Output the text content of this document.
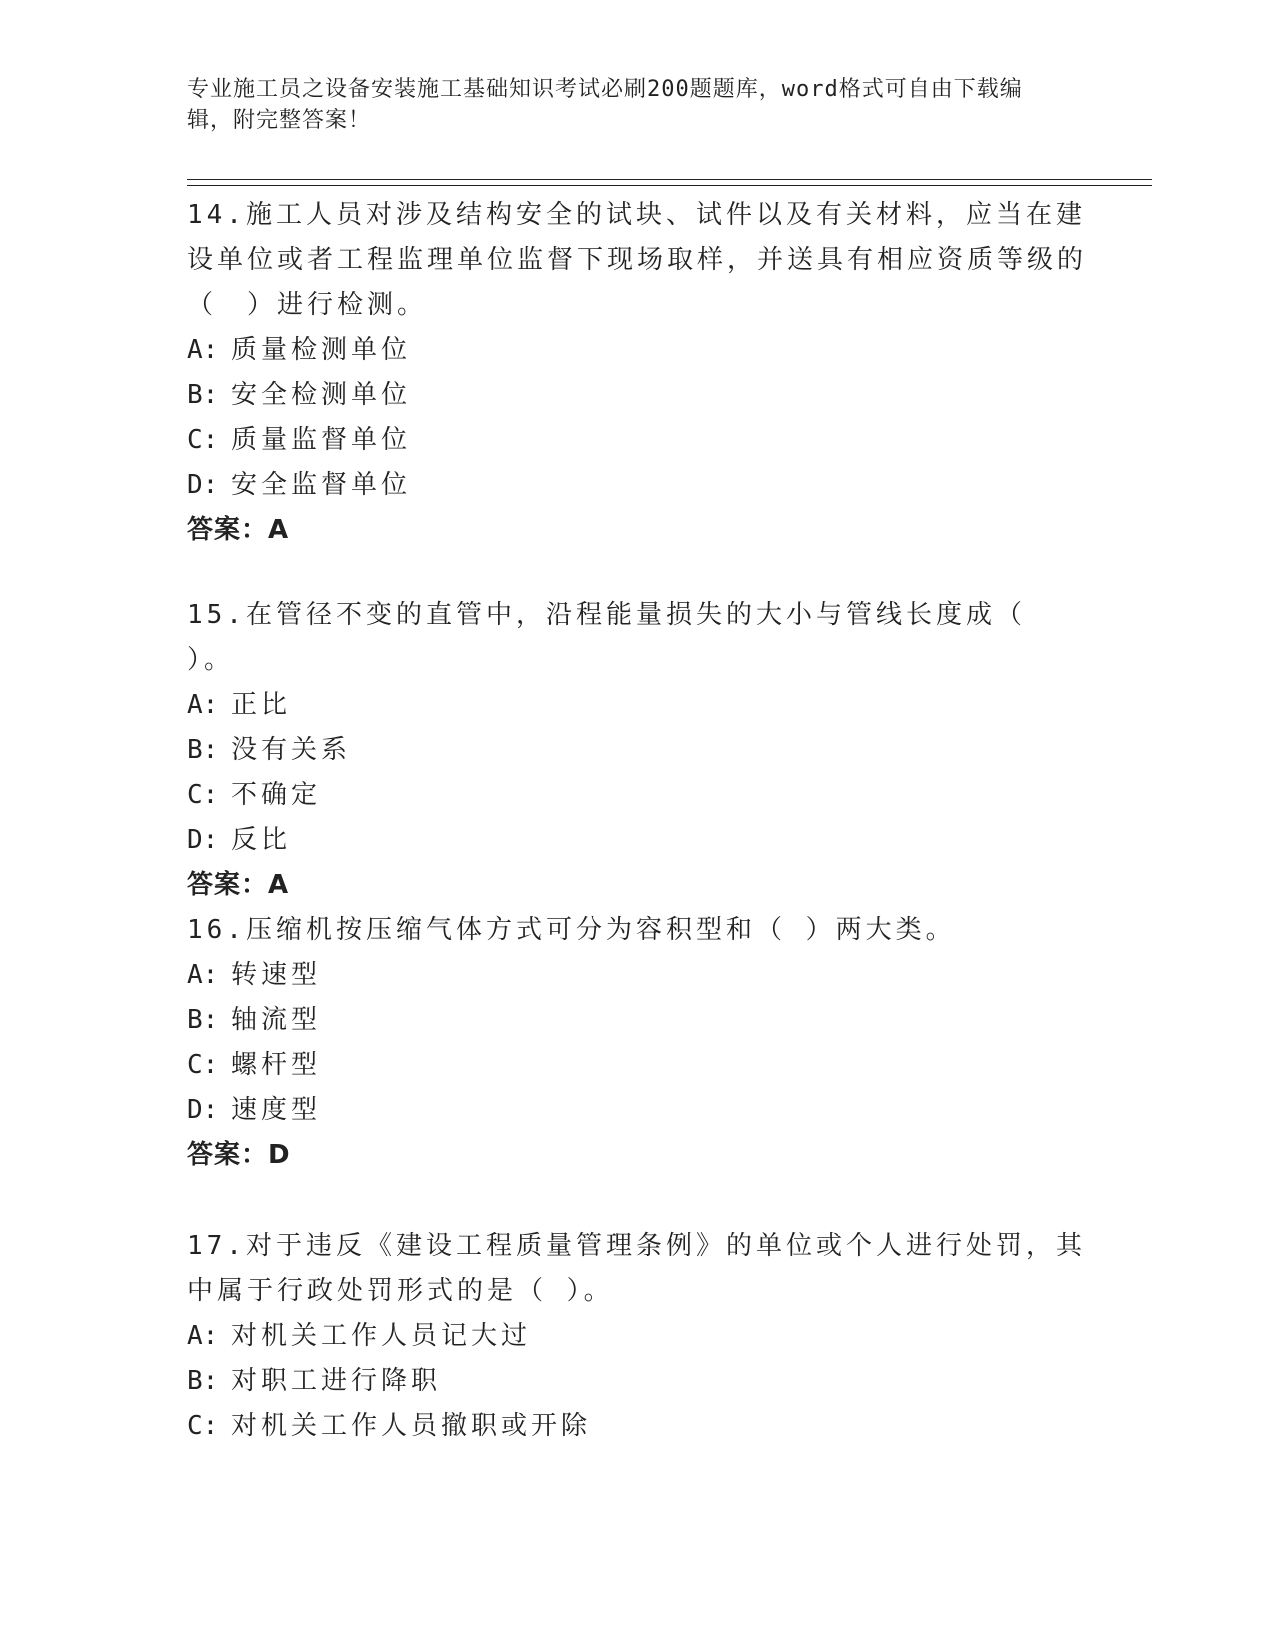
专业施工员之设备安装施工基础知识考试必刷200题题库，word格式可自由下载编辑，附完整答案！

14.施工人员对涉及结构安全的试块、试件以及有关材料，应当在建设单位或者工程监理单位监督下现场取样，并送具有相应资质等级的（　）进行检测。

A: 质量检测单位

B: 安全检测单位

C: 质量监督单位

D: 安全监督单位

答案：A

15.在管径不变的直管中，沿程能量损失的大小与管线长度成（ ）。

A: 正比

B: 没有关系

C: 不确定

D: 反比

答案：A

16.压缩机按压缩气体方式可分为容积型和（ ）两大类。

A: 转速型

B: 轴流型

C: 螺杆型

D: 速度型

答案：D

17.对于违反《建设工程质量管理条例》的单位或个人进行处罚，其中属于行政处罚形式的是（ ）。

A: 对机关工作人员记大过

B: 对职工进行降职

C: 对机关工作人员撤职或开除
